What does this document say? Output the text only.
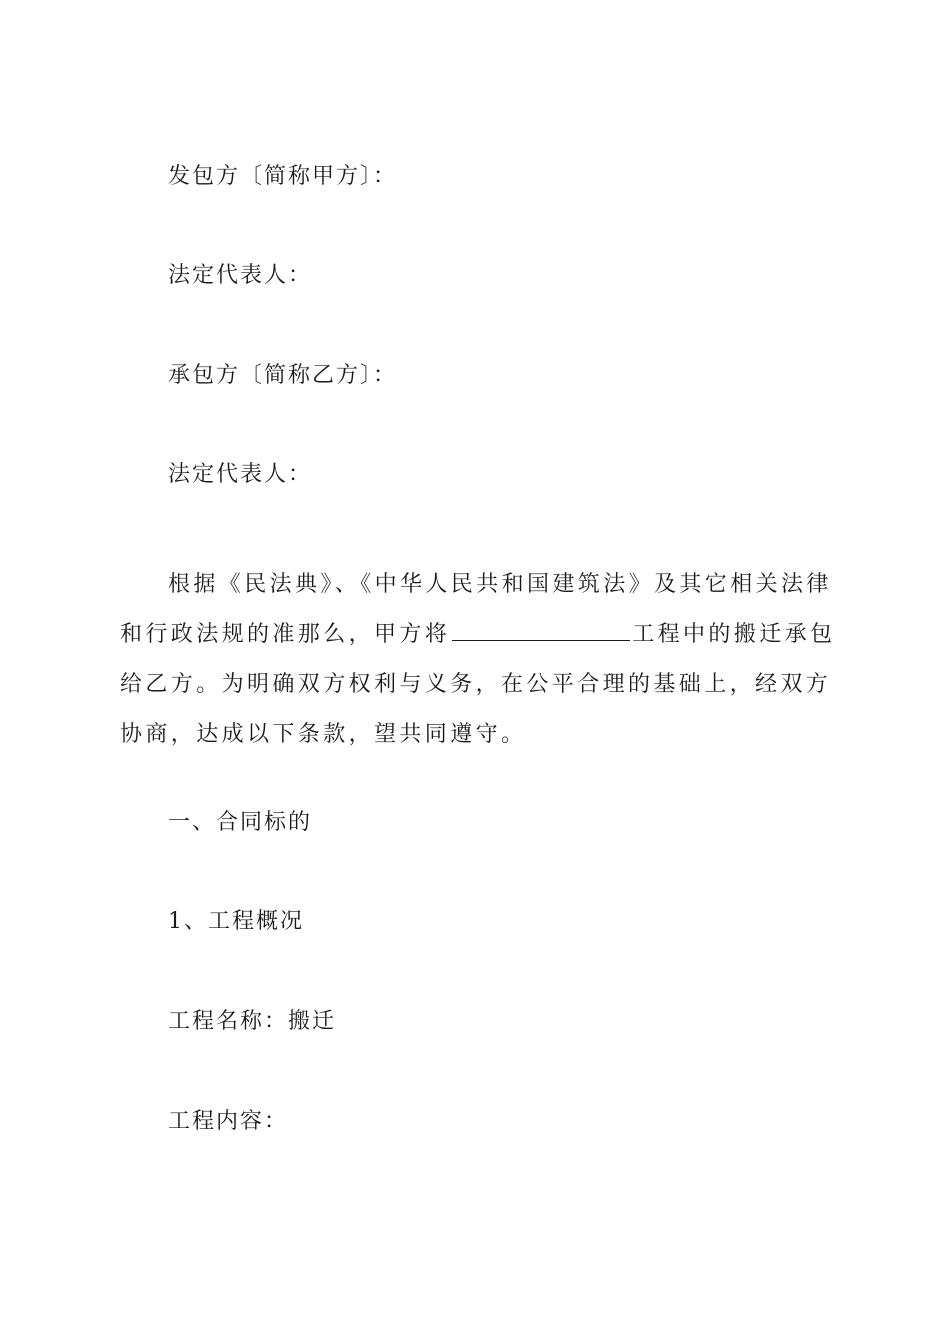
发包方〔简称甲方〕：
法定代表人：
承包方〔简称乙方〕：
法定代表人：
根据《民法典》、《中华人民共和国建筑法》及其它相关法律和行政法规的准那么，甲方将	工程中的搬迁承包给乙方。为明确双方权利与义务，在公平合理的基础上，经双方协商，达成以下条款，望共同遵守。
一、合同标的
1、工程概况
工程名称：搬迁
工程内容：
